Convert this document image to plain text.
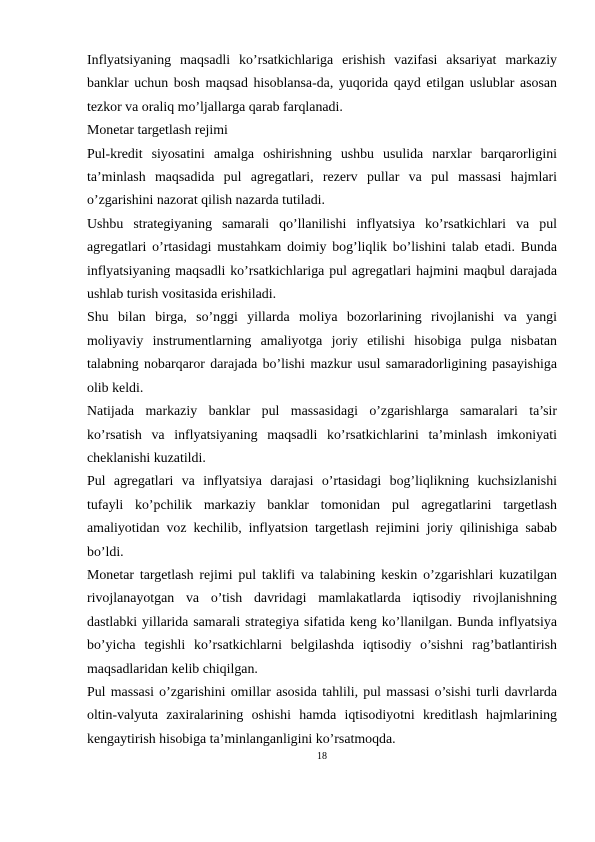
Inflyatsiyaning maqsadli ko’rsatkichlariga erishish vazifasi aksariyat markaziy banklar uchun bosh maqsad hisoblansa-da, yuqorida qayd etilgan uslublar asosan tezkor va oraliq mo’ljallarga qarab farqlanadi.

Monetar targetlash rejimi

Pul-kredit siyosatini amalga oshirishning ushbu usulida narxlar barqarorligini ta’minlash maqsadida pul agregatlari, rezerv pullar va pul massasi hajmlari o’zgarishini nazorat qilish nazarda tutiladi.

Ushbu strategiyaning samarali qo’llanilishi inflyatsiya ko’rsatkichlari va pul agregatlari o’rtasidagi mustahkam doimiy bog’liqlik bo’lishini talab etadi. Bunda inflyatsiyaning maqsadli ko’rsatkichlariga pul agregatlari hajmini maqbul darajada ushlab turish vositasida erishiladi.

Shu bilan birga, so’nggi yillarda moliya bozorlarining rivojlanishi va yangi moliyaviy instrumentlarning amaliyotga joriy etilishi hisobiga pulga nisbatan talabning nobarqaror darajada bo’lishi mazkur usul samaradorligining pasayishiga olib keldi.

Natijada markaziy banklar pul massasidagi o’zgarishlarga samaralari ta’sir ko’rsatish va inflyatsiyaning maqsadli ko’rsatkichlarini ta’minlash imkoniyati cheklanishi kuzatildi.

Pul agregatlari va inflyatsiya darajasi o’rtasidagi bog’liqlikning kuchsizlanishi tufayli ko’pchilik markaziy banklar tomonidan pul agregatlarini targetlash amaliyotidan voz kechilib, inflyatsion targetlash rejimini joriy qilinishiga sabab bo’ldi.

Monetar targetlash rejimi pul taklifi va talabining keskin o’zgarishlari kuzatilgan rivojlanayotgan va o’tish davridagi mamlakatlarda iqtisodiy rivojlanishning dastlabki yillarida samarali strategiya sifatida keng ko’llanilgan. Bunda inflyatsiya bo’yicha tegishli ko’rsatkichlarni belgilashda iqtisodiy o’sishni rag’batlantirish maqsadlaridan kelib chiqilgan.

Pul massasi o’zgarishini omillar asosida tahlili, pul massasi o’sishi turli davrlarda oltin-valyuta zaxiralarining oshishi hamda iqtisodiyotni kreditlash hajmlarining kengaytirish hisobiga ta’minlanganligini ko’rsatmoqda.

18
